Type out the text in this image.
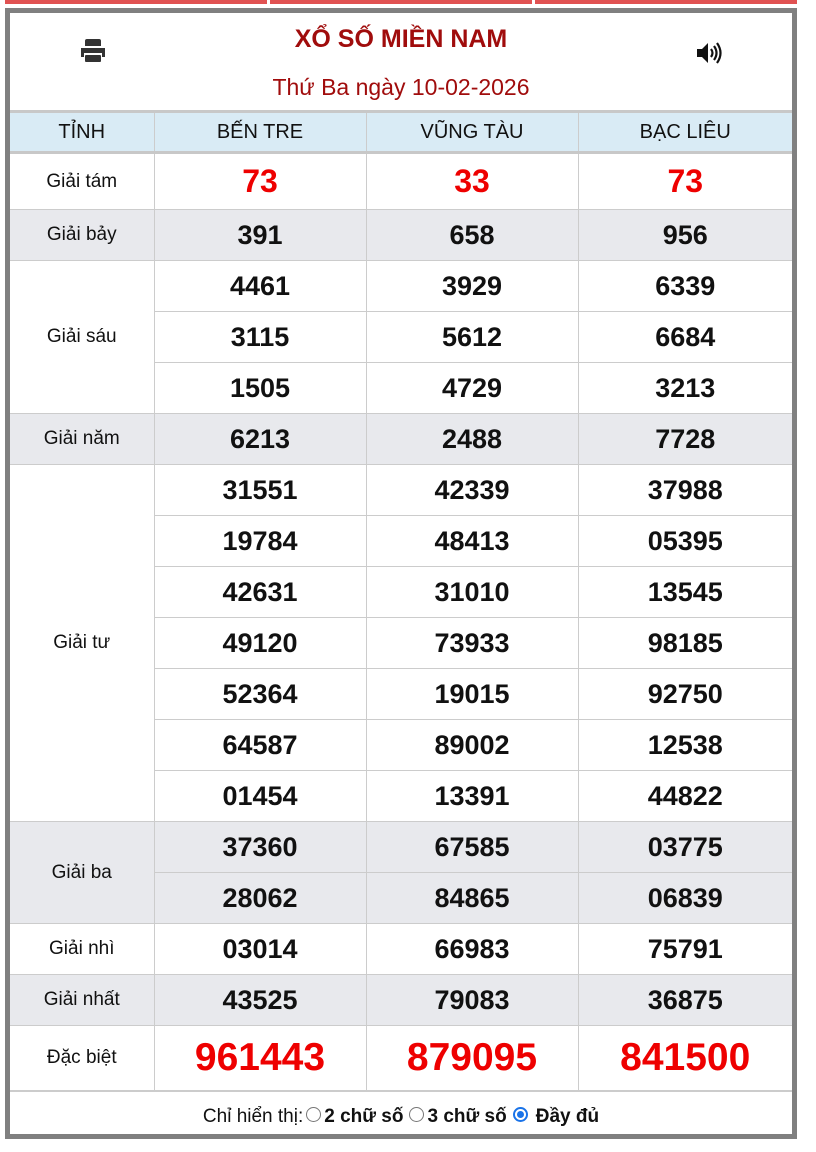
XỔ SỐ MIỀN NAM
Thứ Ba ngày 10-02-2026
TỈNH	BẾN TRE	VŨNG TÀU	BẠC LIÊU
Giải tám	73	33	73
Giải bảy	391	658	956
Giải sáu	4461	3929	6339
	3115	5612	6684
	1505	4729	3213
Giải năm	6213	2488	7728
Giải tư	31551	42339	37988
	19784	48413	05395
	42631	31010	13545
	49120	73933	98185
	52364	19015	92750
	64587	89002	12538
	01454	13391	44822
Giải ba	37360	67585	03775
	28062	84865	06839
Giải nhì	03014	66983	75791
Giải nhất	43525	79083	36875
Đặc biệt	961443	879095	841500
Chỉ hiển thị: 2 chữ số 3 chữ số Đầy đủ
